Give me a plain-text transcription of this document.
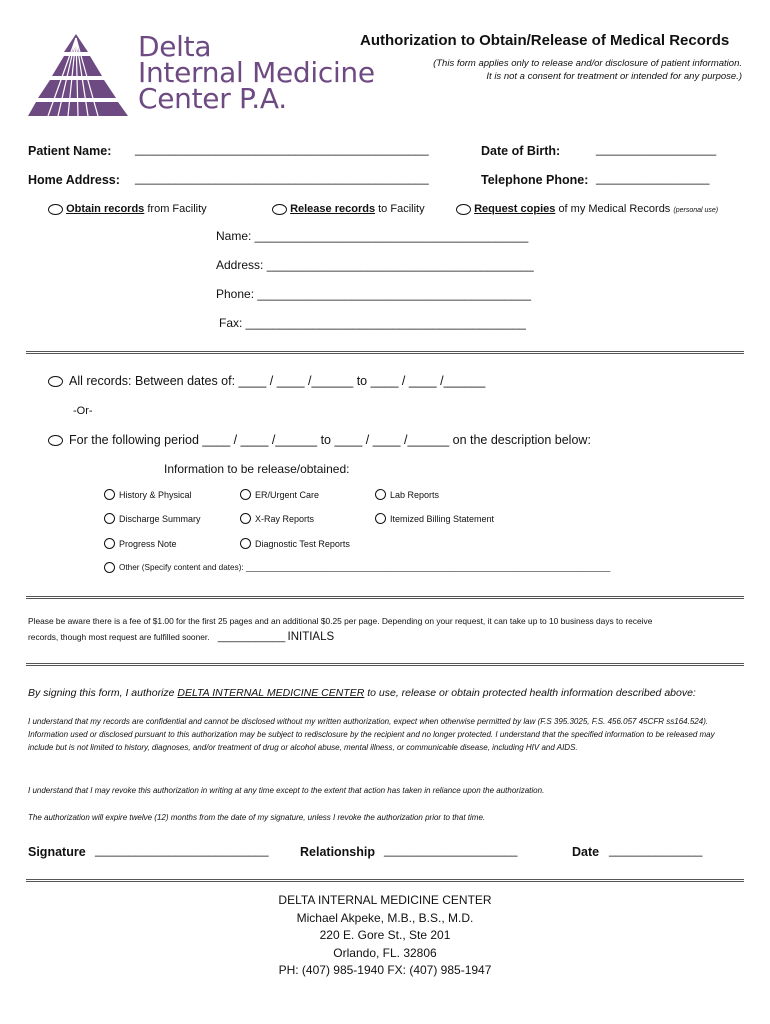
Delta
Internal Medicine
Center P.A.
Authorization to Obtain/Release of Medical Records
(This form applies only to release and/or disclosure of patient information.
It is not a consent for treatment or intended for any purpose.)
Patient Name: ____________________________________________	Date of Birth:	__________________
Home Address: ____________________________________________	Telephone Phone: _________________
Obtain records from Facility	Release records to Facility	Request copies of my Medical Records (personal use)
Name: _________________________________________
Address: ________________________________________
Phone: _________________________________________
Fax: __________________________________________
All records: Between dates of: ____ / ____ /______ to ____ / ____ /______
-Or-
For the following period ____ / ____ /______ to ____ / ____ /______ on the description below:
Information to be release/obtained:
History & Physical	ER/Urgent Care	Lab Reports
Discharge Summary	X-Ray Reports	Itemized Billing Statement
Progress Note	Diagnostic Test Reports
Other (Specify content and dates): ________________________________________________________________________________
Please be aware there is a fee of $1.00 for the first 25 pages and an additional $0.25 per page. Depending on your request, it can take up to 10 business days to receive
records, though most request are fulfilled sooner. ___________ INITIALS
By signing this form, I authorize DELTA INTERNAL MEDICINE CENTER to use, release or obtain protected health information described above:
I understand that my records are confidential and cannot be disclosed without my written authorization, expect when otherwise permitted by law (F.S 395.3025, F.S. 456.057 45CFR ss164.524). Information used or disclosed pursuant to this authorization may be subject to redisclosure by the recipient and no longer protected. I understand that the specified information to be released may include but is not limited to history, diagnoses, and/or treatment of drug or alcohol abuse, mental illness, or communicable disease, including HIV and AIDS.
I understand that I may revoke this authorization in writing at any time except to the extent that action has taken in reliance upon the authorization.
The authorization will expire twelve (12) months from the date of my signature, unless I revoke the authorization prior to that time.
Signature __________________________	Relationship ____________________	Date ______________
DELTA INTERNAL MEDICINE CENTER
Michael Akpeke, M.B., B.S., M.D.
220 E. Gore St., Ste 201
Orlando, FL. 32806
PH: (407) 985-1940 FX: (407) 985-1947
